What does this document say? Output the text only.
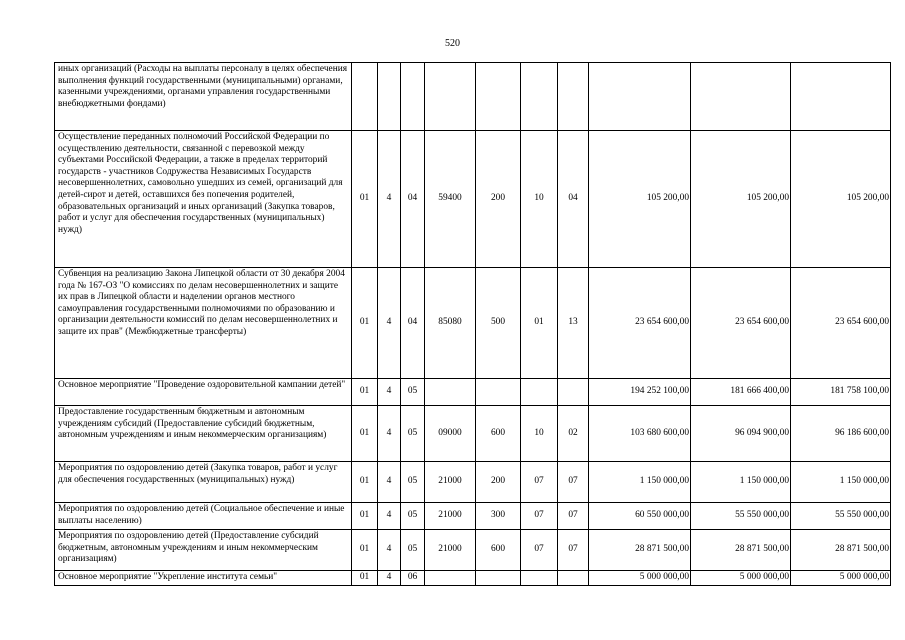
520
иных организаций (Расходы на выплаты персоналу в целях обеспечения выполнения функций государственными (муниципальными) органами, казенными учреждениями, органами управления государственными внебюджетными фондами)										
Осуществление переданных полномочий Российской Федерации по осуществлению деятельности, связанной с перевозкой между субъектами Российской Федерации, а также в пределах территорий государств - участников Содружества Независимых Государств несовершеннолетних, самовольно ушедших из семей, организаций для детей-сирот и детей, оставшихся без попечения родителей, образовательных организаций и иных организаций (Закупка товаров, работ и услуг для обеспечения государственных (муниципальных) нужд)	01	4	04	59400	200	10	04	105 200,00	105 200,00	105 200,00
Субвенция на реализацию Закона Липецкой области от 30 декабря 2004 года № 167-ОЗ "О комиссиях по делам несовершеннолетних и защите их прав в Липецкой области и наделении органов местного самоуправления государственными полномочиями по образованию и организации деятельности комиссий по делам несовершеннолетних и защите их прав" (Межбюджетные трансферты)	01	4	04	85080	500	01	13	23 654 600,00	23 654 600,00	23 654 600,00
Основное мероприятие "Проведение оздоровительной кампании детей"	01	4	05					194 252 100,00	181 666 400,00	181 758 100,00
Предоставление государственным бюджетным и автономным учреждениям субсидий (Предоставление субсидий бюджетным, автономным учреждениям и иным некоммерческим организациям)	01	4	05	09000	600	10	02	103 680 600,00	96 094 900,00	96 186 600,00
Мероприятия по оздоровлению детей (Закупка товаров, работ и услуг для обеспечения государственных (муниципальных) нужд)	01	4	05	21000	200	07	07	1 150 000,00	1 150 000,00	1 150 000,00
Мероприятия по оздоровлению детей (Социальное обеспечение и иные выплаты населению)	01	4	05	21000	300	07	07	60 550 000,00	55 550 000,00	55 550 000,00
Мероприятия по оздоровлению детей (Предоставление субсидий бюджетным, автономным учреждениям и иным некоммерческим организациям)	01	4	05	21000	600	07	07	28 871 500,00	28 871 500,00	28 871 500,00
Основное мероприятие "Укрепление института семьи"	01	4	06					5 000 000,00	5 000 000,00	5 000 000,00
